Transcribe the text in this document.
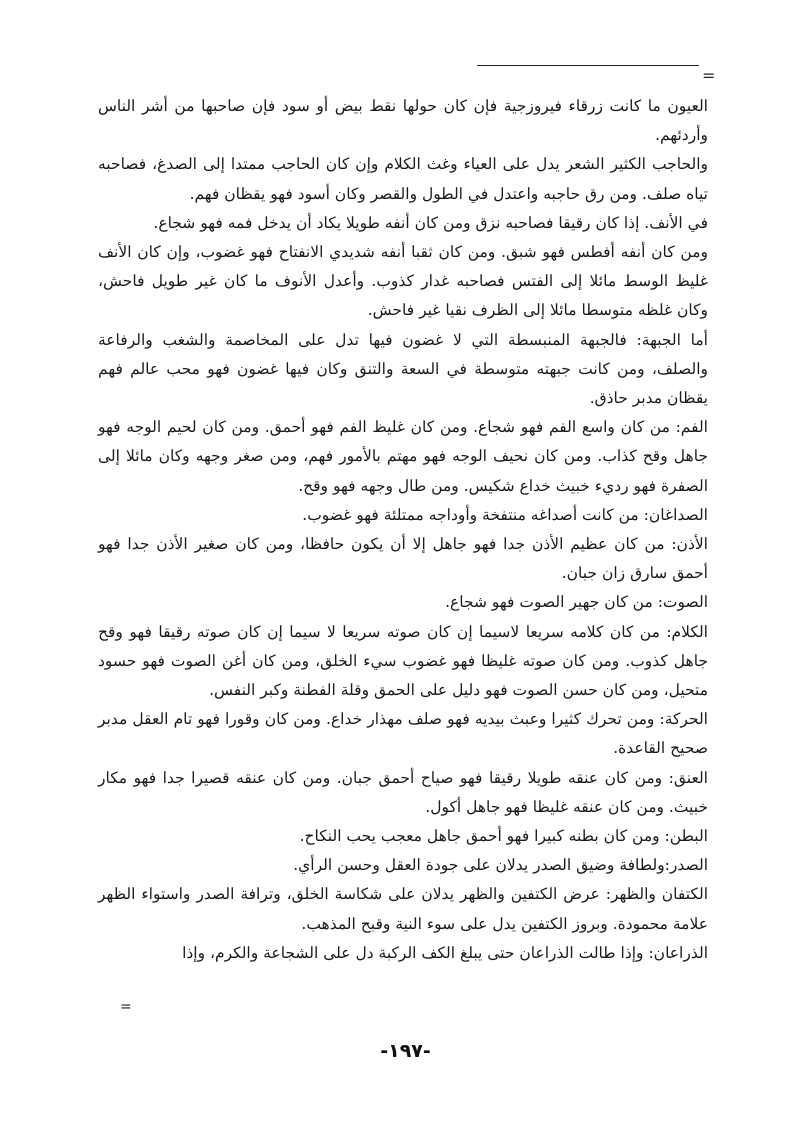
=

العيون ما كانت زرقاء فيروزجية فإن كان حولها نقط بيض أو سود فإن صاحبها من أشر الناس وأردئهم.

والحاجب الكثير الشعر يدل على العياء وغث الكلام وإن كان الحاجب ممتدا إلى الصدغ، فصاحبه تياه صلف. ومن رق حاجبه واعتدل في الطول والقصر وكان أسود فهو يقظان فهم.

في الأنف. إذا كان رقيقا فصاحبه نزق ومن كان أنفه طويلا يكاد أن يدخل فمه فهو شجاع.

ومن كان أنفه أفطس فهو شبق. ومن كان ثقبا أنفه شديدي الانفتاح فهو غضوب، وإن كان الأنف غليظ الوسط مائلا إلى الفتس فصاحبه غدار كذوب. وأعدل الأنوف ما كان غير طويل فاحش، وكان غلظه متوسطا مائلا إلى الظرف نقيا غير فاحش.

أما الجبهة: فالجبهة المنبسطة التي لا غضون فيها تدل على المخاصمة والشغب والرفاعة والصلف، ومن كانت جبهته متوسطة في السعة والتنق وكان فيها غضون فهو محب عالم فهم يقظان مدبر حاذق.

الفم: من كان واسع الفم فهو شجاع. ومن كان غليظ الفم فهو أحمق. ومن كان لحيم الوجه فهو جاهل وقح كذاب. ومن كان نحيف الوجه فهو مهتم بالأمور فهم، ومن صغر وجهه وكان مائلا إلى الصفرة فهو رديء خبيث خداع شكيس. ومن طال وجهه فهو وقح.

الصداغان: من كانت أصداغه منتفخة وأوداجه ممتلئة فهو غضوب.

الأذن: من كان عظيم الأذن جدا فهو جاهل إلا أن يكون حافظا، ومن كان صغير الأذن جدا فهو أحمق سارق زان جبان.

الصوت: من كان جهير الصوت فهو شجاع.

الكلام: من كان كلامه سريعا لاسيما إن كان صوته سريعا لا سيما إن كان صوته رقيقا فهو وقح جاهل كذوب. ومن كان صوته غليظا فهو غضوب سيء الخلق، ومن كان أغن الصوت فهو حسود متحيل، ومن كان حسن الصوت فهو دليل على الحمق وقلة الفطنة وكبر النفس.

الحركة: ومن تحرك كثيرا وعبث بيديه فهو صلف مهذار خداع. ومن كان وقورا فهو تام العقل مدبر صحيح القاعدة.

العنق: ومن كان عنقه طويلا رقيقا فهو صياح أحمق جبان. ومن كان عنقه قصيرا جدا فهو مكار خبيث. ومن كان عنقه غليظا فهو جاهل أكول.

البطن: ومن كان بطنه كبيرا فهو أحمق جاهل معجب يحب النكاح.

الصدر:ولطافة وضيق الصدر يدلان على جودة العقل وحسن الرأي.

الكتفان والظهر: عرض الكتفين والظهر يدلان على شكاسة الخلق، وترافة الصدر واستواء الظهر علامة محمودة. وبروز الكتفين يدل على سوء النية وقبح المذهب.

الذراعان: وإذا طالت الذراعان حتى يبلغ الكف الركبة دل على الشجاعة والكرم، وإذا

=
-١٩٧-
